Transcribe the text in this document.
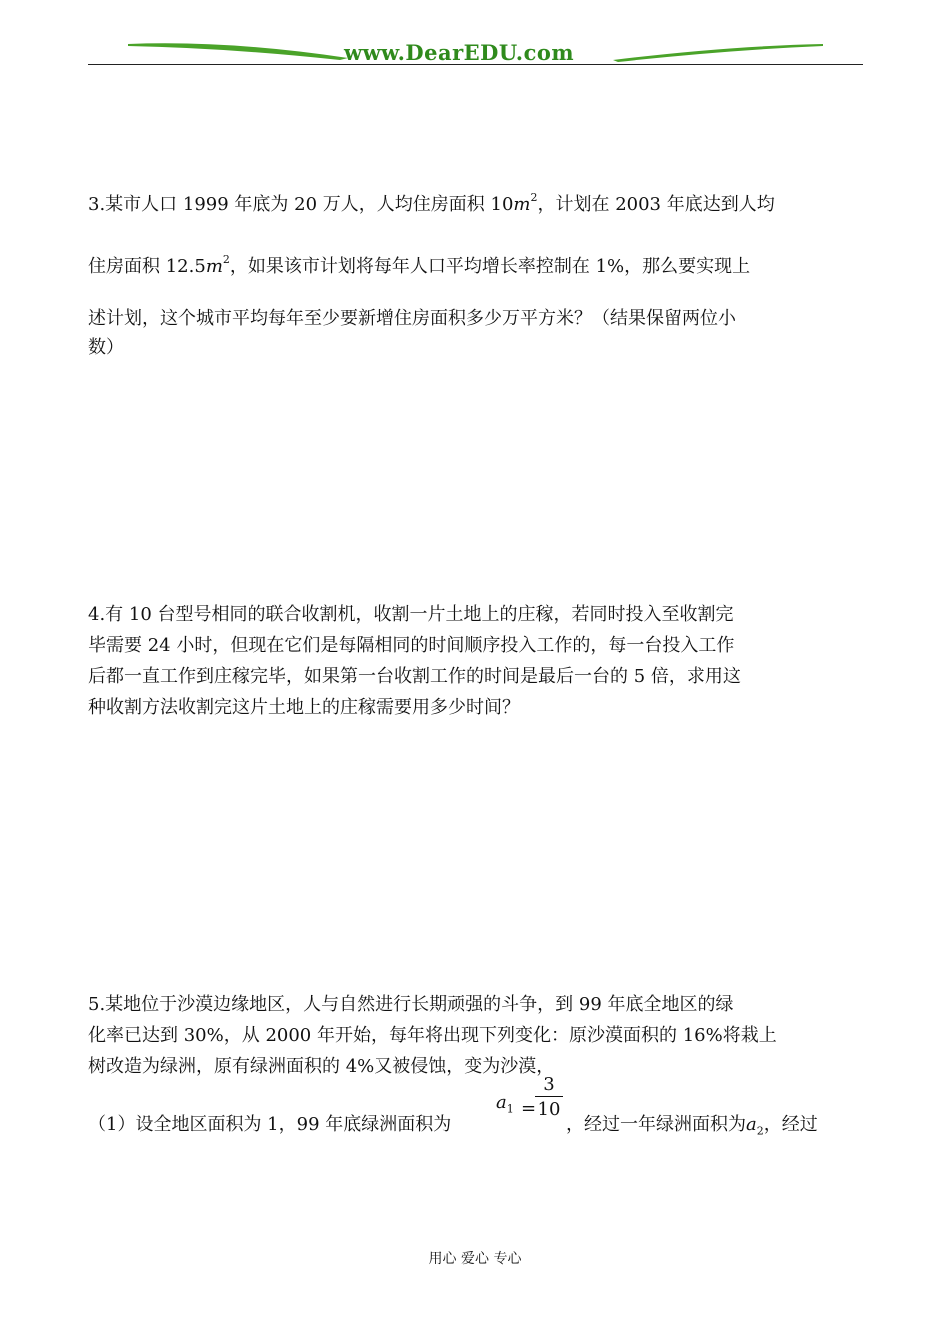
www.DearEDU.com
3.某市人口 1999 年底为 20 万人，人均住房面积 $10m^2$，计划在 2003 年底达到人均
住房面积 $12.5m^2$，如果该市计划将每年人口平均增长率控制在 1%，那么要实现上
述计划，这个城市平均每年至少要新增住房面积多少万平方米？（结果保留两位小
数）
4.有 10 台型号相同的联合收割机，收割一片土地上的庄稼，若同时投入至收割完
毕需要 24 小时，但现在它们是每隔相同的时间顺序投入工作的，每一台投入工作
后都一直工作到庄稼完毕，如果第一台收割工作的时间是最后一台的 5 倍，求用这
种收割方法收割完这片土地上的庄稼需要用多少时间？
5.某地位于沙漠边缘地区，人与自然进行长期顽强的斗争，到 99 年底全地区的绿
化率已达到 30%，从 2000 年开始，每年将出现下列变化：原沙漠面积的 16%将栽上
树改造为绿洲，原有绿洲面积的 4%又被侵蚀，变为沙漠，
（1）设全地区面积为 1，99 年底绿洲面积为
$a_1$ =
3
10
，经过一年绿洲面积为$a_2$，经过
用心 爱心 专心
